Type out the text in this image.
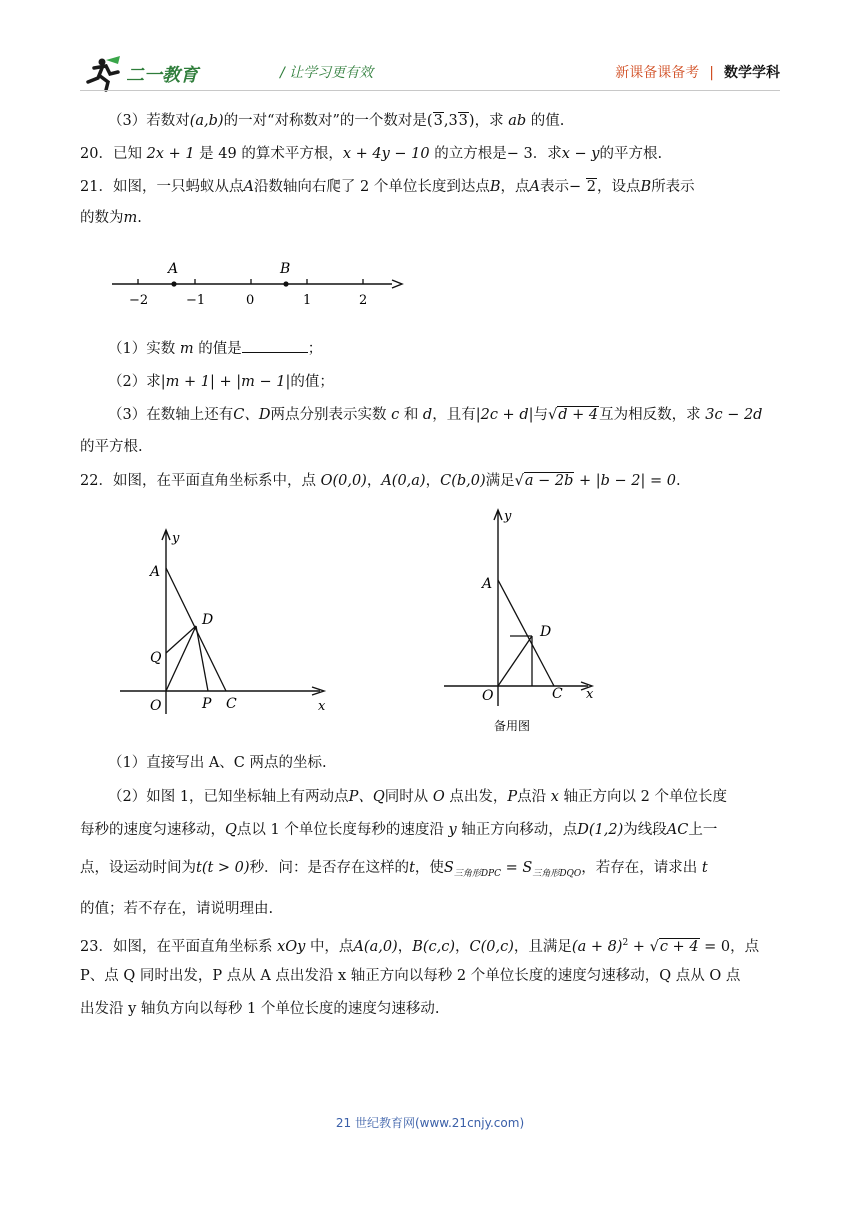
二一教育	/ 让学习更有效	新课备课备考 | 数学学科
（3）若数对(a,b)的一对“对称数对”的一个数对是(3,33)，求 ab 的值.
20．已知 2x + 1 是 49 的算术平方根，x + 4y − 10 的立方根是− 3．求x − y的平方根.
21．如图，一只蚂蚁从点A沿数轴向右爬了 2 个单位长度到达点B，点A表示− 2，设点B所表示
的数为m.
A	B
−2	−1	0	1	2
（1）实数 m 的值是	；
（2）求|m + 1| + |m − 1|的值；
（3）在数轴上还有C、D两点分别表示实数 c 和 d，且有|2c + d|与√d + 4互为相反数，求 3c − 2d
的平方根.
22．如图，在平面直角坐标系中，点 O(0,0)，A(0,a)，C(b,0)满足√a − 2b + |b − 2| = 0.
y
A
D
Q
O	P C	x
y
A
D
O	C x
备用图
（1）直接写出 A、C 两点的坐标.
（2）如图 1，已知坐标轴上有两动点P、Q同时从 O 点出发，P点沿 x 轴正方向以 2 个单位长度
每秒的速度匀速移动，Q点以 1 个单位长度每秒的速度沿 y 轴正方向移动，点D(1,2)为线段AC上一
点，设运动时间为t(t > 0)秒．问：是否存在这样的t，使$S_{三角形DPC} = S_{三角形DQO}$，若存在，请求出 t
的值；若不存在，请说明理由.
23．如图，在平面直角坐标系 xOy 中，点A(a,0)，B(c,c)，C(0,c)，且满足$(a + 8)^2 + √c + 4 = 0$，点
P、点 Q 同时出发，P 点从 A 点出发沿 x 轴正方向以每秒 2 个单位长度的速度匀速移动，Q 点从 O 点
出发沿 y 轴负方向以每秒 1 个单位长度的速度匀速移动.
21 世纪教育网(www.21cnjy.com)
